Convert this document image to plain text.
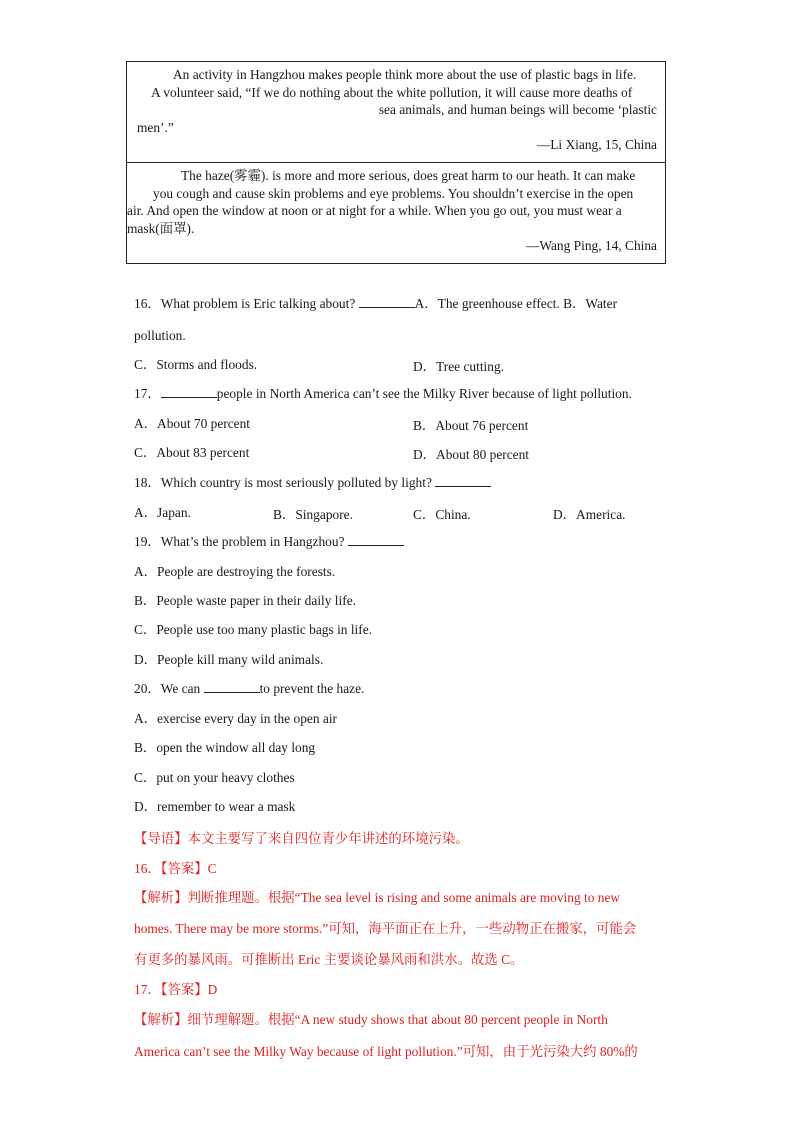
An activity in Hangzhou makes people think more about the use of plastic bags in life.

A volunteer said, “If we do nothing about the white pollution, it will cause more deaths of

sea animals, and human beings will become ‘plastic

men’.”

—Li Xiang, 15, China

The haze(雾霾). is more and more serious, does great harm to our heath. It can make

you cough and cause skin problems and eye problems. You shouldn’t exercise in the open

air. And open the window at noon or at night for a while. When you go out, you must wear a

mask(面罩).

—Wang Ping, 14, China

16．What problem is Eric talking about?	A．The greenhouse effect. B．Water
pollution.
C．Storms and floods.	D．Tree cutting.
17．	people in North America can’t see the Milky River because of light pollution.
A．About 70 percent	B．About 76 percent
C．About 83 percent	D．About 80 percent
18．Which country is most seriously polluted by light?
A．Japan.	B．Singapore.	C．China.	D．America.
19．What’s the problem in Hangzhou?
A．People are destroying the forests.
B．People waste paper in their daily life.
C．People use too many plastic bags in life.
D．People kill many wild animals.
20．We can	to prevent the haze.
A．exercise every day in the open air
B．open the window all day long
C．put on your heavy clothes
D．remember to wear a mask
【导语】本文主要写了来自四位青少年讲述的环境污染。
16．【答案】C
【解析】判断推理题。根据“The sea level is rising and some animals are moving to new
homes. There may be more storms.”可知，海平面正在上升，一些动物正在搬家，可能会
有更多的暴风雨。可推断出 Eric 主要谈论暴风雨和洪水。故选 C。
17．【答案】D
【解析】细节理解题。根据“A new study shows that about 80 percent people in North
America can’t see the Milky Way because of light pollution.”可知，由于光污染大约 80%的
